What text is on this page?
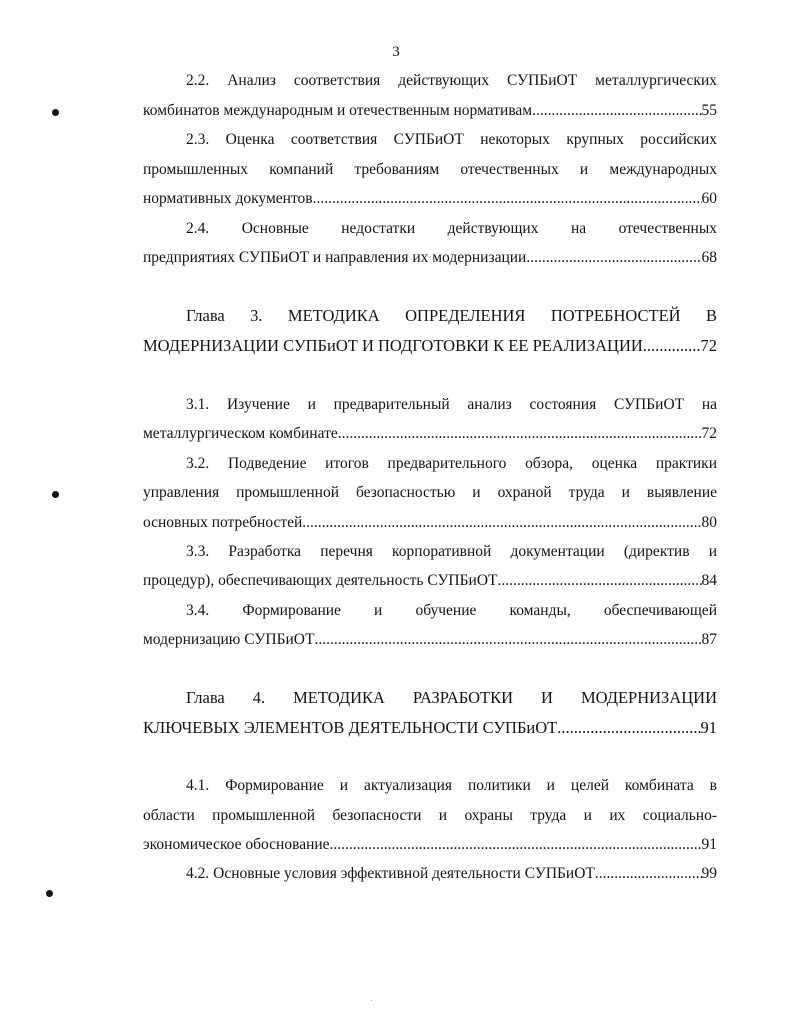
3
2.2. Анализ соответствия действующих СУПБиОТ металлургических
комбинатов международным и отечественным нормативам .....	55
2.3. Оценка соответствия СУПБиОТ некоторых крупных российских
промышленных компаний требованиям отечественных и международных
нормативных документов .....	60
2.4. Основные недостатки действующих на отечественных
предприятиях СУПБиОТ и направления их модернизации .....	68
Глава 3. МЕТОДИКА ОПРЕДЕЛЕНИЯ ПОТРЕБНОСТЕЙ В
МОДЕРНИЗАЦИИ СУПБиОТ И ПОДГОТОВКИ К ЕЕ РЕАЛИЗАЦИИ .....	72
3.1. Изучение и предварительный анализ состояния СУПБиОТ на
металлургическом комбинате .....	72
3.2. Подведение итогов предварительного обзора, оценка практики
управления промышленной безопасностью и охраной труда и выявление
основных потребностей .....	80
3.3. Разработка перечня корпоративной документации (директив и
процедур), обеспечивающих деятельность СУПБиОТ .....	84
3.4. Формирование и обучение команды, обеспечивающей
модернизацию СУПБиОТ .....	87
Глава 4. МЕТОДИКА РАЗРАБОТКИ И МОДЕРНИЗАЦИИ
КЛЮЧЕВЫХ ЭЛЕМЕНТОВ ДЕЯТЕЛЬНОСТИ СУПБиОТ .....	91
4.1. Формирование и актуализация политики и целей комбината в
области промышленной безопасности и охраны труда и их социально-
экономическое обоснование .....	91
4.2. Основные условия эффективной деятельности СУПБиОТ .....	99
